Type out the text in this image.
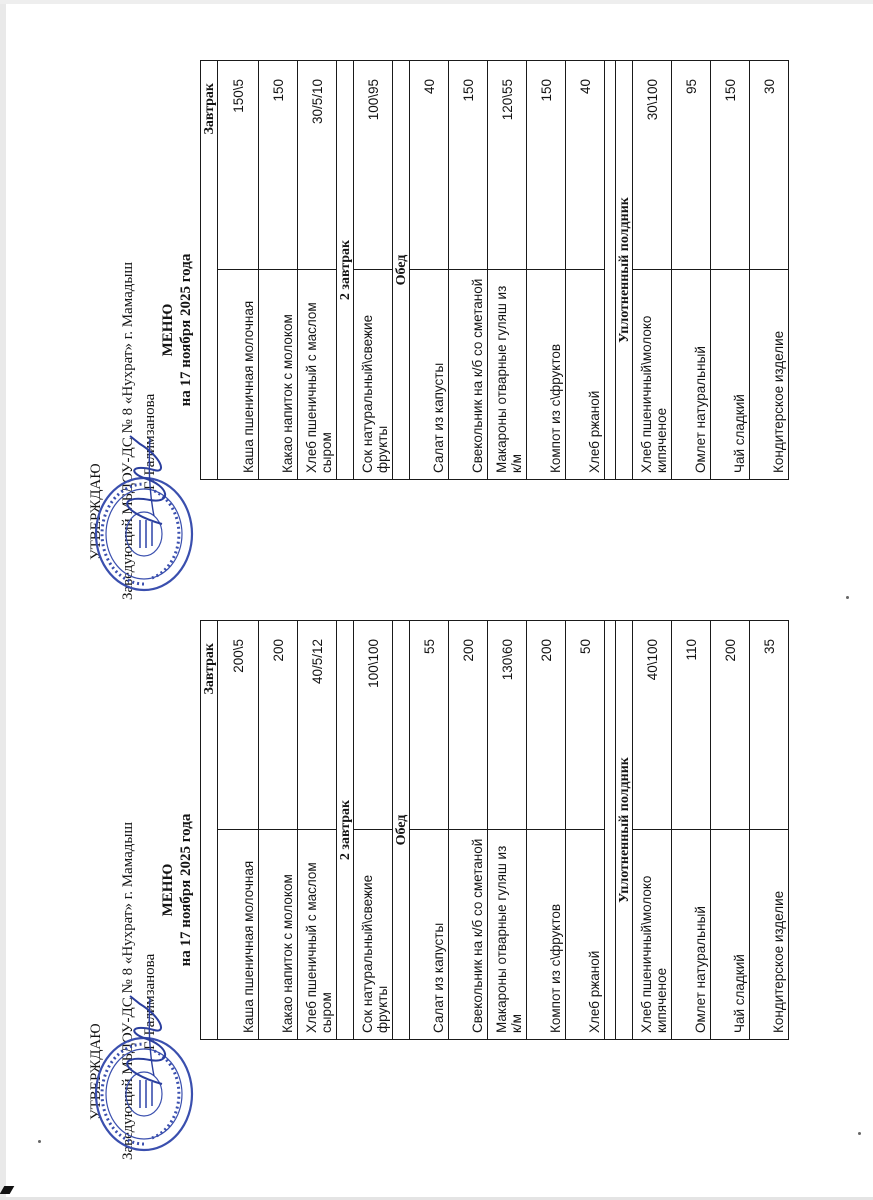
УТВЕРЖДАЮ Заведующий МБДОУ-ДС № 8 «Нухрат» г. Мамадыш Г. Галимзанова
МЕНЮ на 17 ноября 2025 года
Завтрак	
Каша пшеничная молочная	150\5
Какао напиток с молоком	150
Хлеб пшеничный с маслом сыром	30/5/10
2 завтрак	
Сок натуральный\свежие фрукты	100\95
Обед	
Салат из капусты	40
Свекольник на к/б со сметаной	150
Макароны отварные гуляш из к/м	120\55
Компот из с\фруктов	150
Хлеб ржаной	40

Уплотненный полдник	
Хлеб пшеничный\молоко кипяченое	30\100
Омлет натуральный	95
Чай сладкий	150
Кондитерское изделие	30
УТВЕРЖДАЮ Заведующий МБДОУ-ДС № 8 «Нухрат» г. Мамадыш Г. Галимзанова
МЕНЮ на 17 ноября 2025 года
Завтрак	
Каша пшеничная молочная	200\5
Какао напиток с молоком	200
Хлеб пшеничный с маслом сыром	40/5/12
2 завтрак	
Сок натуральный\свежие фрукты	100\100
Обед	
Салат из капусты	55
Свекольник на к/б со сметаной	200
Макароны отварные гуляш из к/м	130\60
Компот из с\фруктов	200
Хлеб ржаной	50

Уплотненный полдник	
Хлеб пшеничный\молоко кипяченое	40\100
Омлет натуральный	110
Чай сладкий	200
Кондитерское изделие	35
